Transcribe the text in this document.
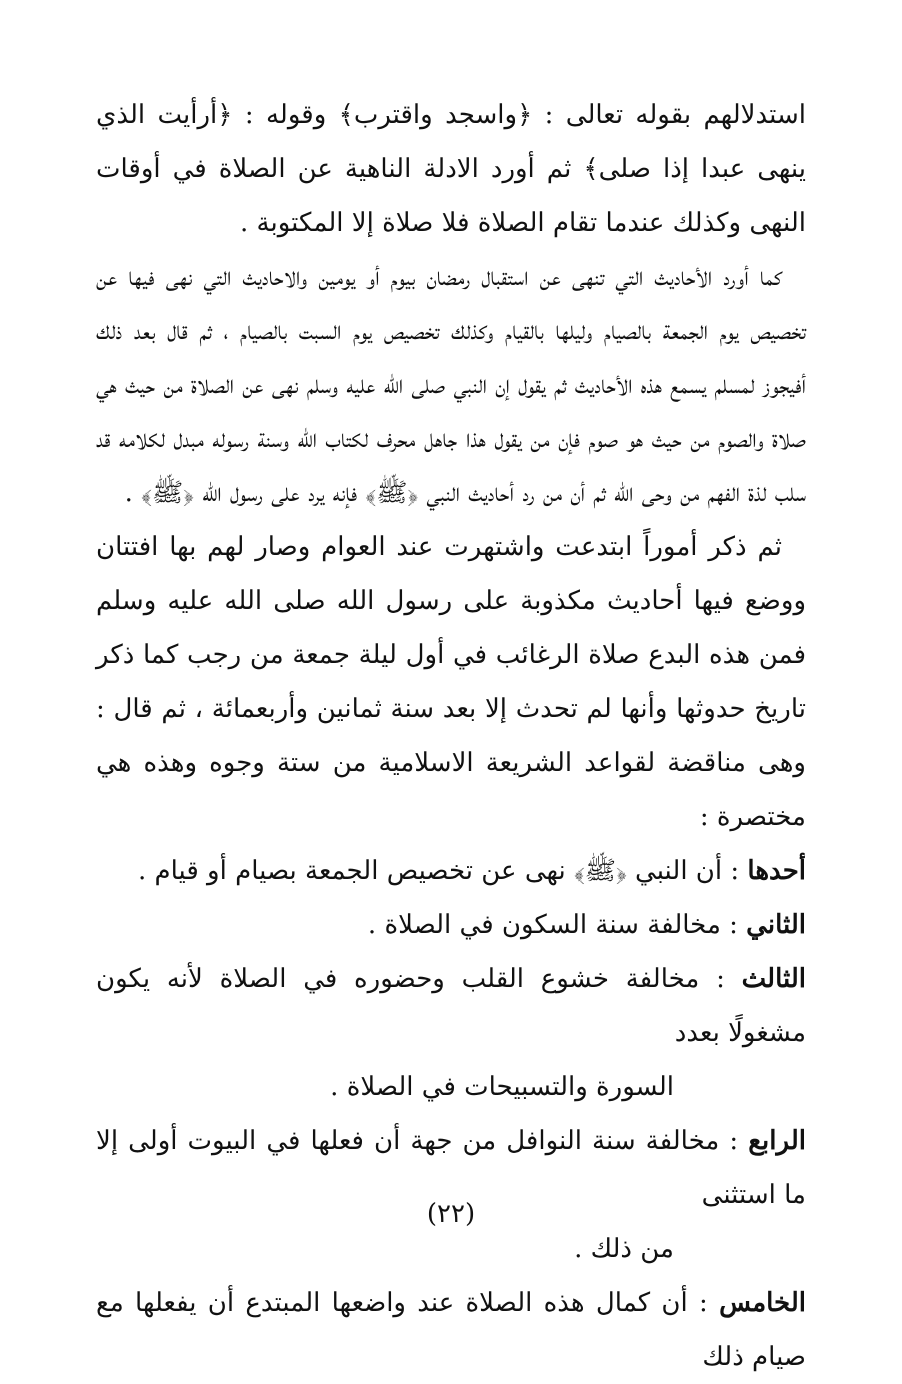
استدلالهم بقوله تعالى : ﴿واسجد واقترب﴾ وقوله : ﴿أرأيت الذي ينهى عبدا إذا صلى﴾ ثم أورد الادلة الناهية عن الصلاة في أوقات النهى وكذلك عندما تقام الصلاة فلا صلاة إلا المكتوبة .

كما أورد الأحاديث التي تنهى عن استقبال رمضان بيوم أو يومين والاحاديث التي نهى فيها عن تخصيص يوم الجمعة بالصيام وليلها بالقيام وكذلك تخصيص يوم السبت بالصيام ، ثم قال بعد ذلك أفيجوز لمسلم يسمع هذه الأحاديث ثم يقول إن النبي صلى الله عليه وسلم نهى عن الصلاة من حيث هي صلاة والصوم من حيث هو صوم فإن من يقول هذا جاهل محرف لكتاب الله وسنة رسوله مبدل لكلامه قد سلب لذة الفهم من وحى الله ثم أن من رد أحاديث النبي ﴿ﷺ﴾ فإنه يرد على رسول الله ﴿ﷺ﴾ .

ثم ذكر أموراً ابتدعت واشتهرت عند العوام وصار لهم بها افتتان ووضع فيها أحاديث مكذوبة على رسول الله صلى الله عليه وسلم فمن هذه البدع صلاة الرغائب في أول ليلة جمعة من رجب كما ذكر تاريخ حدوثها وأنها لم تحدث إلا بعد سنة ثمانين وأربعمائة ، ثم قال : وهى مناقضة لقواعد الشريعة الاسلامية من ستة وجوه وهذه هي مختصرة :

أحدها : أن النبي ﴿ﷺ﴾ نهى عن تخصيص الجمعة بصيام أو قيام .
الثاني : مخالفة سنة السكون في الصلاة .
الثالث : مخالفة خشوع القلب وحضوره في الصلاة لأنه يكون مشغولًا بعدد
السورة والتسبيحات في الصلاة .
الرابع : مخالفة سنة النوافل من جهة أن فعلها في البيوت أولى إلا ما استثنى
من ذلك .
الخامس : أن كمال هذه الصلاة عند واضعها المبتدع أن يفعلها مع صيام ذلك
(٢٢)
